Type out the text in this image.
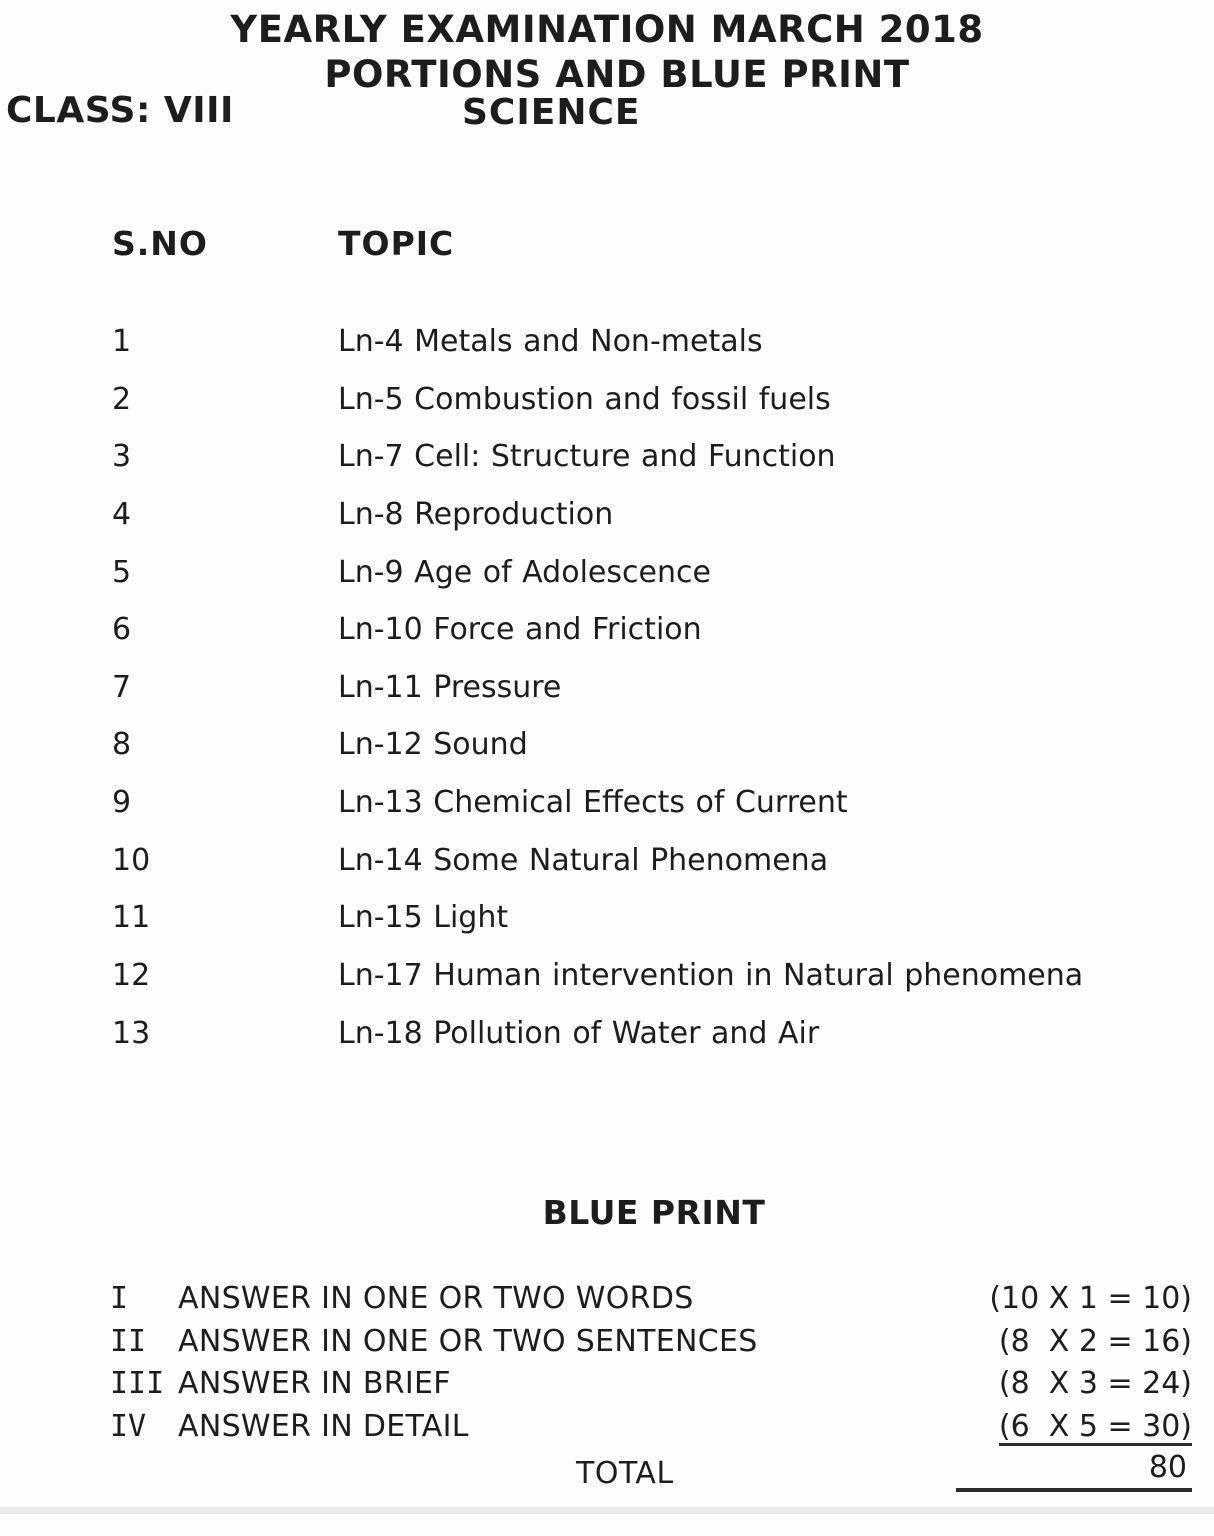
YEARLY EXAMINATION MARCH 2018
PORTIONS AND BLUE PRINT
CLASS: VIII	SCIENCE
S.NO	TOPIC
1	Ln-4 Metals and Non-metals
2	Ln-5 Combustion and fossil fuels
3	Ln-7 Cell: Structure and Function
4	Ln-8 Reproduction
5	Ln-9 Age of Adolescence
6	Ln-10 Force and Friction
7	Ln-11 Pressure
8	Ln-12 Sound
9	Ln-13 Chemical Effects of Current
10	Ln-14 Some Natural Phenomena
11	Ln-15 Light
12	Ln-17 Human intervention in Natural phenomena
13	Ln-18 Pollution of Water and Air
BLUE PRINT
I	ANSWER IN ONE OR TWO WORDS	(10 X 1 = 10)
II	ANSWER IN ONE OR TWO SENTENCES	(8  X 2 = 16)
III ANSWER IN BRIEF	(8  X 3 = 24)
IV	ANSWER IN DETAIL	(6  X 5 = 30)
TOTAL	80
